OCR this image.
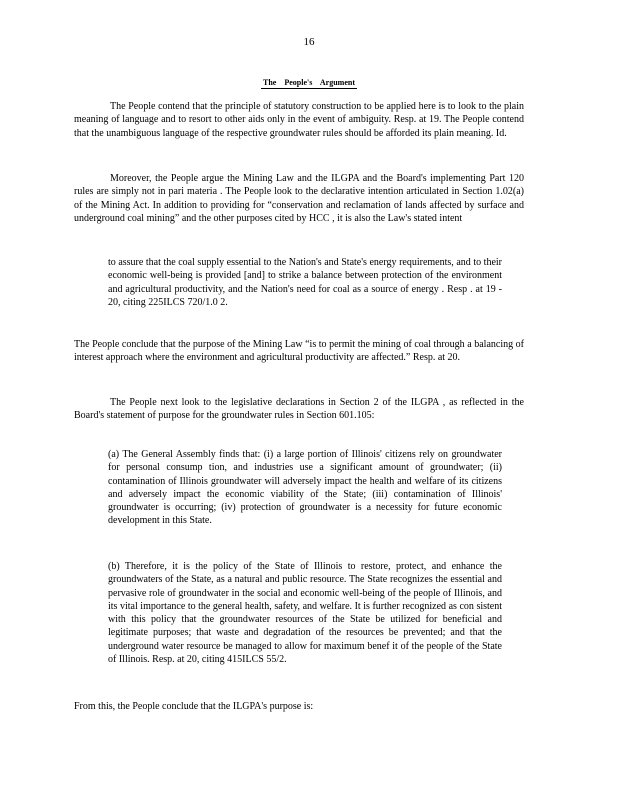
16
The People's Argument

The People contend that the principle of statutory construction to be applied here is to look to the plain meaning of language and to resort to other aids only in the event of ambiguity. Resp. at 19. The People contend that the unambiguous language of the respective groundwater rules should be afforded its plain meaning. Id.

Moreover, the People argue the Mining Law and the ILGPA and the Board's implementing Part 120 rules are simply not in pari materia . The People look to the declarative intention articulated in Section 1.02(a) of the Mining Act. In addition to providing for “conservation and reclamation of lands affected by surface and underground coal mining” and the other purposes cited by HCC , it is also the Law's stated intent

to assure that the coal supply essential to the Nation's and State's energy requirements, and to their economic well-being is provided [and] to strike a balance between protection of the environment and agricultural productivity, and the Nation's need for coal as a source of energy . Resp . at 19 - 20, citing 225ILCS 720/1.0 2.

The People conclude that the purpose of the Mining Law “is to permit the mining of coal through a balancing of interest approach where the environment and agricultural productivity are affected.” Resp. at 20.

The People next look to the legislative declarations in Section 2 of the ILGPA , as reflected in the Board's statement of purpose for the groundwater rules in Section 601.105:

(a) The General Assembly finds that: (i) a large portion of Illinois' citizens rely on groundwater for personal consump tion, and industries use a significant amount of groundwater; (ii) contamination of Illinois groundwater will adversely impact the health and welfare of its citizens and adversely impact the economic viability of the State; (iii) contamination of Illinois' groundwater is occurring; (iv) protection of groundwater is a necessity for future economic development in this State.

(b) Therefore, it is the policy of the State of Illinois to restore, protect, and enhance the groundwaters of the State, as a natural and public resource. The State recognizes the essential and pervasive role of groundwater in the social and economic well-being of the people of Illinois, and its vital importance to the general health, safety, and welfare. It is further recognized as con sistent with this policy that the groundwater resources of the State be utilized for beneficial and legitimate purposes; that waste and degradation of the resources be prevented; and that the underground water resource be managed to allow for maximum benef it of the people of the State of Illinois. Resp. at 20, citing 415ILCS 55/2.

From this, the People conclude that the ILGPA's purpose is:
